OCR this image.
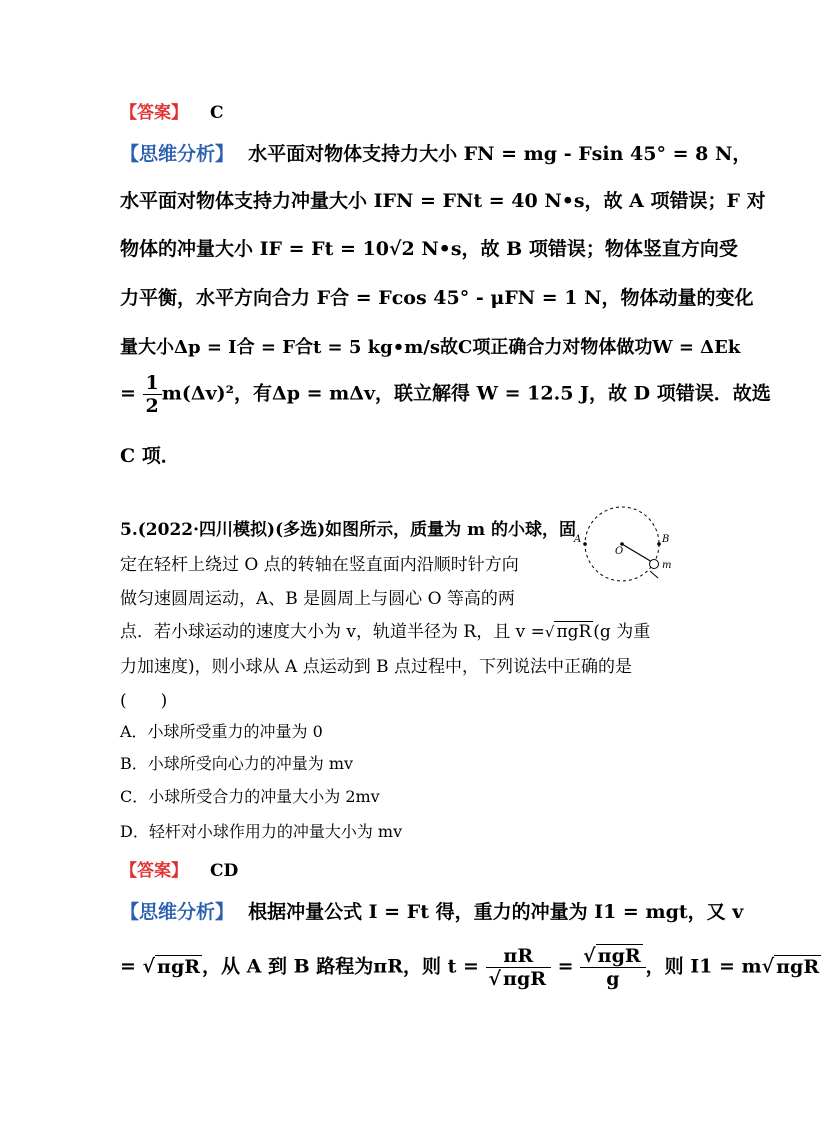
【答案】 C
【思维分析】 水平面对物体支持力大小 FN = mg - Fsin 45° = 8 N，
水平面对物体支持力冲量大小 IFN = FNt = 40 N•s，故 A 项错误；F 对
物体的冲量大小 IF = Ft = 10√2 N•s，故 B 项错误；物体竖直方向受
力平衡，水平方向合力 F合 = Fcos 45° - μFN = 1 N，物体动量的变化
量大小Δp = I合 = F合t = 5 kg•m/s故C项正确合力对物体做功W = ΔEk
= $\frac{1}{2} m(\Delta v)^2$，有Δp = mΔv，联立解得 W = 12.5 J，故 D 项错误．故选
C 项．
5.(2022·四川模拟)(多选)如图所示，质量为 m 的小球，固
定在轻杆上绕过 O 点的转轴在竖直面内沿顺时针方向
做匀速圆周运动，A、B 是圆周上与圆心 O 等高的两
点．若小球运动的速度大小为 v，轨道半径为 R，且 v =√ πgR (g 为重
力加速度)，则小球从 A 点运动到 B 点过程中，下列说法中正确的是
(　　)
A	B
O
m
A．小球所受重力的冲量为 0
B．小球所受向心力的冲量为 mv
C．小球所受合力的冲量大小为 2mv
D．轻杆对小球作用力的冲量大小为 mv
【答案】 CD
【思维分析】 根据冲量公式 I = Ft 得，重力的冲量为 I1 = mgt，又 v
= √ πgR ，从 A 到 B 路程为πR，则 $t = \frac{\pi R}{\text{√ πgR}} = \frac{\text{√ πgR}}{g}$ ，则 I1 = m√ πgR
